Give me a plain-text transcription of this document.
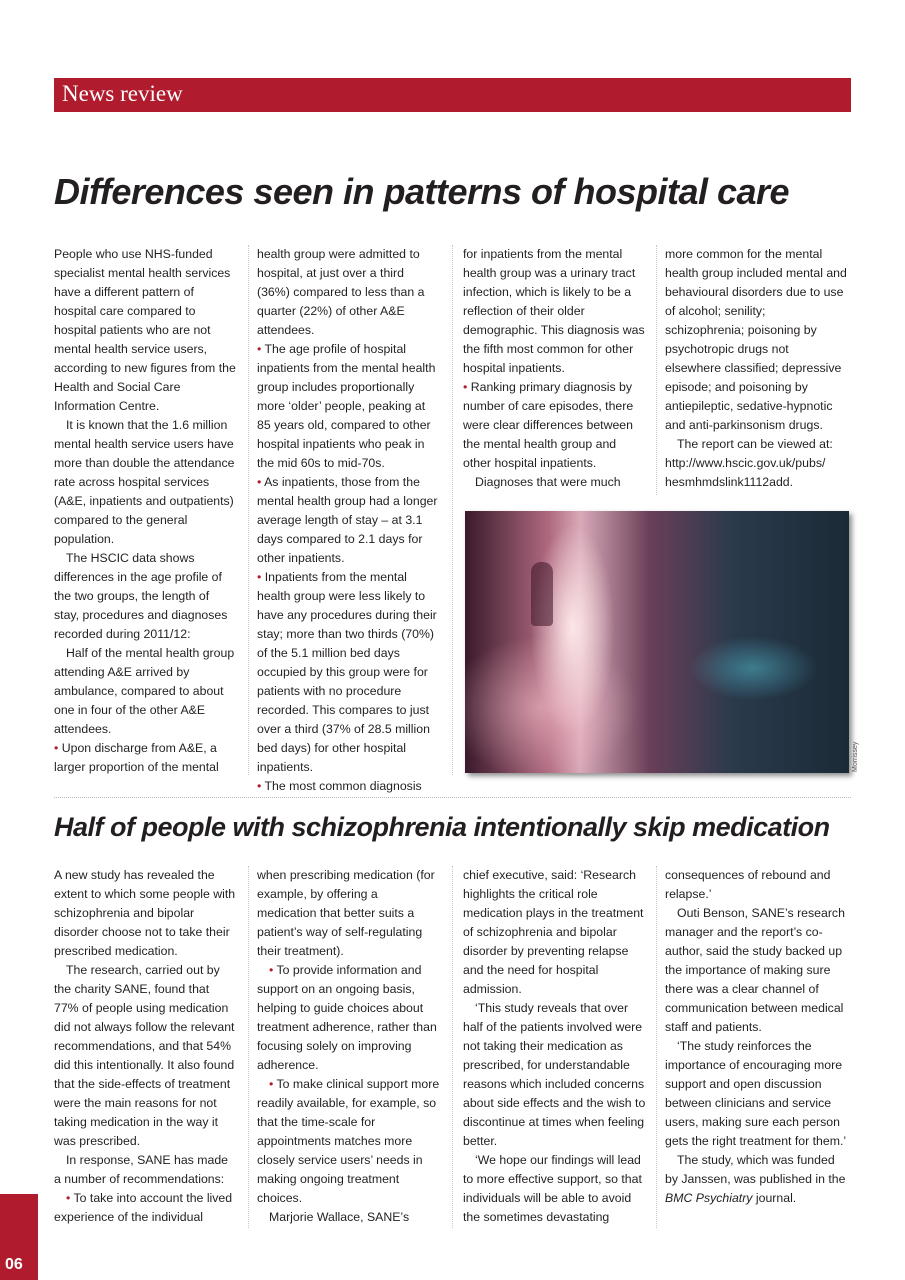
News review
Differences seen in patterns of hospital care

People who use NHS-funded specialist mental health services have a different pattern of hospital care compared to hospital patients who are not mental health service users, according to new figures from the Health and Social Care Information Centre.

It is known that the 1.6 million mental health service users have more than double the attendance rate across hospital services (A&E, inpatients and outpatients) compared to the general population.

The HSCIC data shows differences in the age profile of the two groups, the length of stay, procedures and diagnoses recorded during 2011/12:

Half of the mental health group attending A&E arrived by ambulance, compared to about one in four of the other A&E attendees.

• Upon discharge from A&E, a larger proportion of the mental

health group were admitted to hospital, at just over a third (36%) compared to less than a quarter (22%) of other A&E attendees.

• The age profile of hospital inpatients from the mental health group includes proportionally more ‘older’ people, peaking at 85 years old, compared to other hospital inpatients who peak in the mid 60s to mid-70s.

• As inpatients, those from the mental health group had a longer average length of stay – at 3.1 days compared to 2.1 days for other inpatients.

• Inpatients from the mental health group were less likely to have any procedures during their stay; more than two thirds (70%) of the 5.1 million bed days occupied by this group were for patients with no procedure recorded. This compares to just over a third (37% of 28.5 million bed days) for other hospital inpatients.

• The most common diagnosis

for inpatients from the mental health group was a urinary tract infection, which is likely to be a reflection of their older demographic. This diagnosis was the fifth most common for other hospital inpatients.

• Ranking primary diagnosis by number of care episodes, there were clear differences between the mental health group and other hospital inpatients.

Diagnoses that were much

more common for the mental health group included mental and behavioural disorders due to use of alcohol; senility; schizophrenia; poisoning by psychotropic drugs not elsewhere classified; depressive episode; and poisoning by antiepileptic, sedative-hypnotic and anti-parkinsonism drugs.

The report can be viewed at: http://www.hscic.gov.uk/pubs/ hesmhmdslink1112add.

Morrissey
Half of people with schizophrenia intentionally skip medication

A new study has revealed the extent to which some people with schizophrenia and bipolar disorder choose not to take their prescribed medication.

The research, carried out by the charity SANE, found that 77% of people using medication did not always follow the relevant recommendations, and that 54% did this intentionally. It also found that the side-effects of treatment were the main reasons for not taking medication in the way it was prescribed.

In response, SANE has made a number of recommendations:

• To take into account the lived experience of the individual

when prescribing medication (for example, by offering a medication that better suits a patient’s way of self-regulating their treatment).

• To provide information and support on an ongoing basis, helping to guide choices about treatment adherence, rather than focusing solely on improving adherence.

• To make clinical support more readily available, for example, so that the time-scale for appointments matches more closely service users’ needs in making ongoing treatment choices.

Marjorie Wallace, SANE’s

chief executive, said: ‘Research highlights the critical role medication plays in the treatment of schizophrenia and bipolar disorder by preventing relapse and the need for hospital admission.

‘This study reveals that over half of the patients involved were not taking their medication as prescribed, for understandable reasons which included concerns about side effects and the wish to discontinue at times when feeling better.

‘We hope our findings will lead to more effective support, so that individuals will be able to avoid the sometimes devastating

consequences of rebound and relapse.’

Outi Benson, SANE’s research manager and the report’s co-author, said the study backed up the importance of making sure there was a clear channel of communication between medical staff and patients.

‘The study reinforces the importance of encouraging more support and open discussion between clinicians and service users, making sure each person gets the right treatment for them.’

The study, which was funded by Janssen, was published in the BMC Psychiatry journal.

06
